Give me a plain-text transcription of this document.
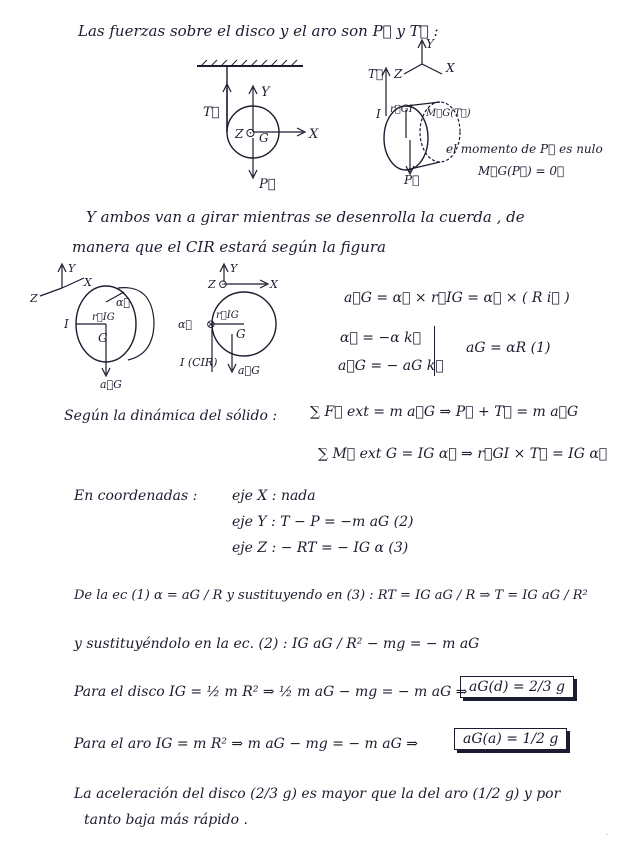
Las fuerzas sobre el disco y el aro son P⃗ y T⃗ :
T⃗
Y
Z ⊙ G	X
P⃗
Y
X
T⃗ Z
I r⃗GI M⃗G(T⃗)
P⃗
el momento de P⃗ es nulo
M⃗G(P⃗) = 0⃗
Y ambos van a girar mientras se desenrolla la cuerda , de
manera que el CIR estará según la figura
Y
Z
X
α⃗
I r⃗IG
G
a⃗G
Y
Z ⊙	X
α⃗ ⊗
r⃗IG
G
I (CIR)
a⃗G
a⃗G = α⃗ × r⃗IG = α⃗ × ( R i⃗ )
α⃗ = −α k⃗
a⃗G = − aG k⃗
aG = αR (1)
Según la dinámica del sólido : ∑ F⃗ ext = m a⃗G ⇒ P⃗ + T⃗ = m a⃗G
∑ M⃗ ext G = IG α⃗ ⇒ r⃗GI × T⃗ = IG α⃗
En coordenadas : eje X : nada
eje Y : T − P = −m aG (2)
eje Z : − RT = − IG α (3)
De la ec (1) α = aG / R y sustituyendo en (3) : RT = IG aG / R ⇒ T = IG aG / R²
y sustituyéndolo en la ec. (2) : IG aG / R² − mg = − m aG
Para el disco IG = ½ m R² ⇒ ½ m aG − mg = − m aG ⇒ aG(d) = 2/3 g
Para el aro IG = m R² ⇒ m aG − mg = − m aG ⇒	aG(a) = 1/2 g
La aceleración del disco (2/3 g) es mayor que la del aro (1/2 g) y por
tanto baja más rápido .
·
